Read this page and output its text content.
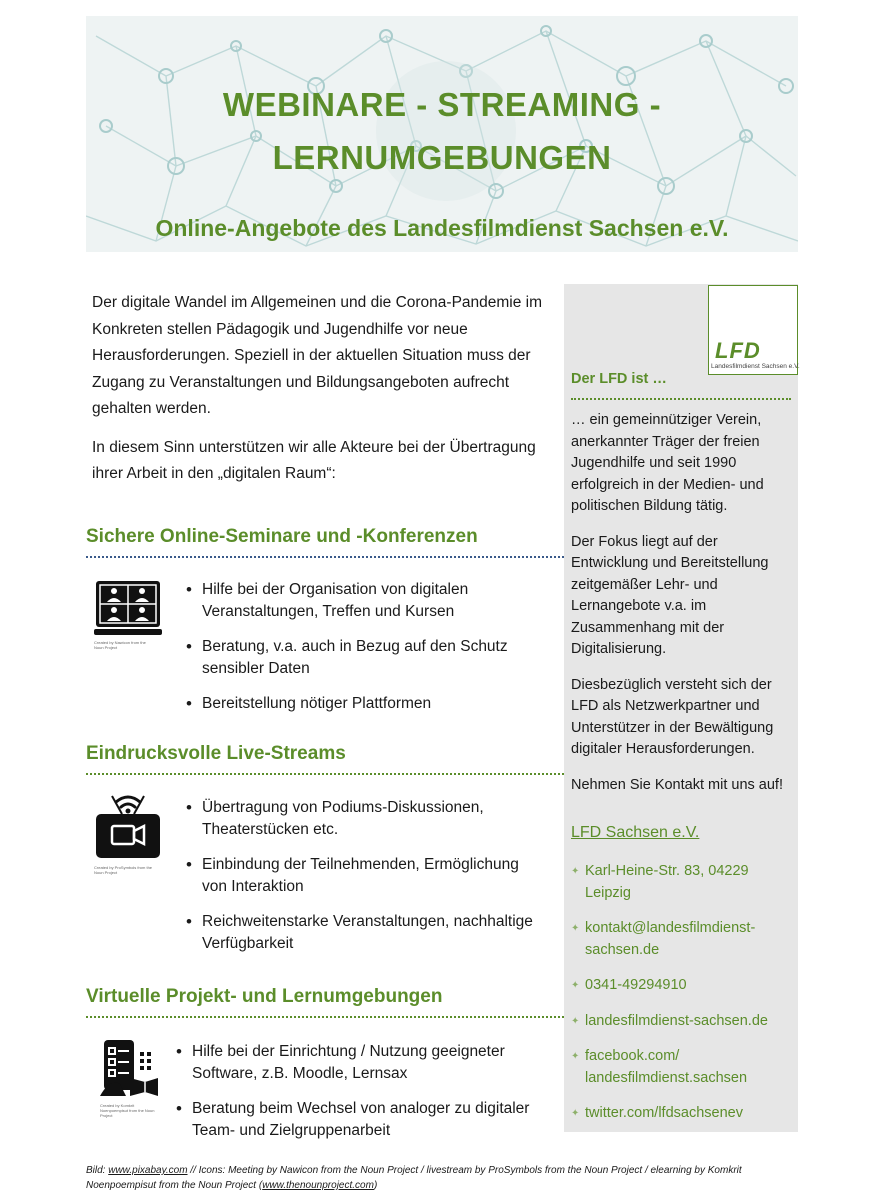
WEBINARE - STREAMING -
LERNUMGEBUNGEN
Online-Angebote des Landesfilmdienst Sachsen e.V.

Der digitale Wandel im Allgemeinen und die Corona-Pandemie im Konkreten stellen Pädagogik und Jugendhilfe vor neue Herausforderungen. Speziell in der aktuellen Situation muss der Zugang zu Veranstaltungen und Bildungsangeboten aufrecht gehalten werden.

In diesem Sinn unterstützen wir alle Akteure bei der Übertragung ihrer Arbeit in den „digitalen Raum“:

Sichere Online-Seminare und -Konferenzen
Created by Nawicon from the Noun Project
• Hilfe bei der Organisation von digitalen Veranstaltungen, Treffen und Kursen
• Beratung, v.a. auch in Bezug auf den Schutz sensibler Daten
• Bereitstellung nötiger Plattformen
Eindrucksvolle Live-Streams
Created by ProSymbols from the Noun Project
• Übertragung von Podiums-Diskussionen, Theaterstücken etc.
• Einbindung der Teilnehmenden, Ermöglichung von Interaktion
• Reichweitenstarke Veranstaltungen, nachhaltige Verfügbarkeit
Virtuelle Projekt- und Lernumgebungen
Created by Komkrit Noenpoempisut from the Noun Project
• Hilfe bei der Einrichtung / Nutzung geeigneter Software, z.B. Moodle, Lernsax
• Beratung beim Wechsel von analoger zu digitaler Team- und Zielgruppenarbeit
LFD
Landesfilmdienst Sachsen e.V.
Der LFD ist …

… ein gemeinnütziger Verein, anerkannter Träger der freien Jugendhilfe und seit 1990 erfolgreich in der Medien- und politischen Bildung tätig.

Der Fokus liegt auf der Entwicklung und Bereitstellung zeitgemäßer Lehr- und Lernangebote v.a. im Zusammenhang mit der Digitalisierung.

Diesbezüglich versteht sich der LFD als Netzwerkpartner und Unterstützer in der Bewältigung digitaler Herausforderungen.

Nehmen Sie Kontakt mit uns auf!

LFD Sachsen e.V.
✦ Karl-Heine-Str. 83, 04229 Leipzig
✦ kontakt@landesfilmdienst-sachsen.de
✦ 0341-49294910
✦ landesfilmdienst-sachsen.de
✦ facebook.com/ landesfilmdienst.sachsen
✦ twitter.com/lfdsachsenev
Bild: www.pixabay.com // Icons: Meeting by Nawicon from the Noun Project / livestream by ProSymbols from the Noun Project / elearning by Komkrit Noenpoempisut from the Noun Project (www.thenounproject.com)
